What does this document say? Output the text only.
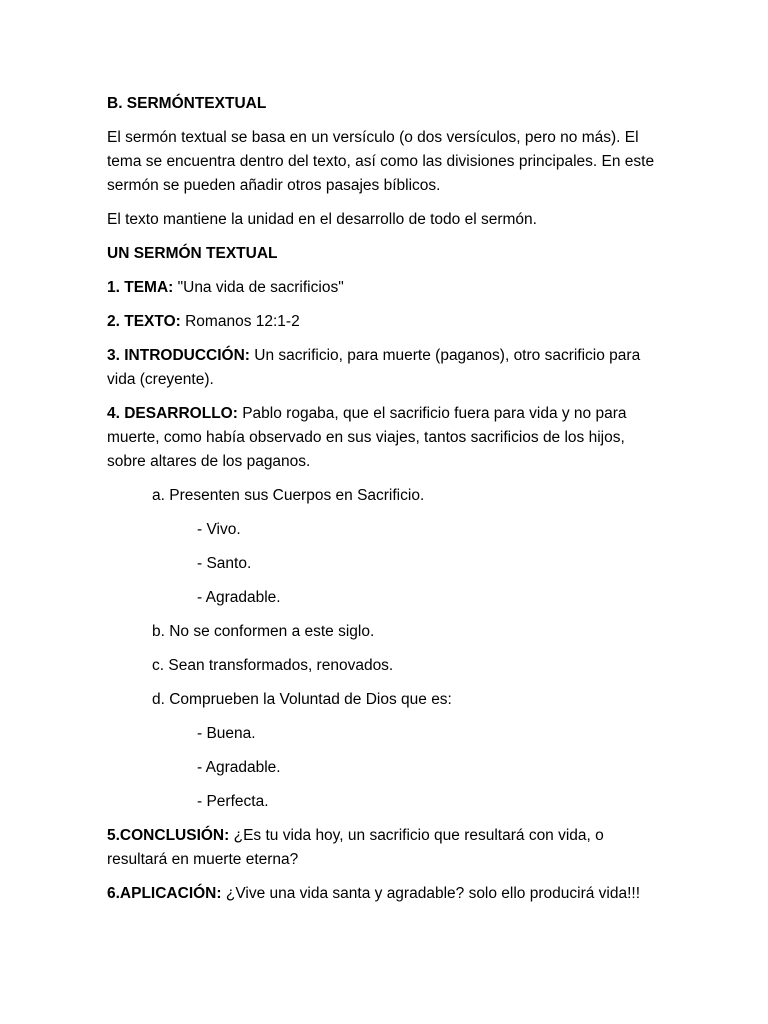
B. SERMÓNTEXTUAL

El sermón textual se basa en un versículo (o dos versículos, pero no más). El tema se encuentra dentro del texto, así como las divisiones principales. En este sermón se pueden añadir otros pasajes bíblicos.

El texto mantiene la unidad en el desarrollo de todo el sermón.

UN SERMÓN TEXTUAL

1. TEMA: "Una vida de sacrificios"

2. TEXTO: Romanos 12:1-2

3. INTRODUCCIÓN: Un sacrificio, para muerte (paganos), otro sacrificio para vida (creyente).

4. DESARROLLO: Pablo rogaba, que el sacrificio fuera para vida y no para muerte, como había observado en sus viajes, tantos sacrificios de los hijos, sobre altares de los paganos.

a. Presenten sus Cuerpos en Sacrificio.

- Vivo.

- Santo.

- Agradable.

b. No se conformen a este siglo.

c. Sean transformados, renovados.

d. Comprueben la Voluntad de Dios que es:

- Buena.

- Agradable.

- Perfecta.

5.CONCLUSIÓN: ¿Es tu vida hoy, un sacrificio que resultará con vida, o resultará en muerte eterna?

6.APLICACIÓN: ¿Vive una vida santa y agradable? solo ello producirá vida!!!
